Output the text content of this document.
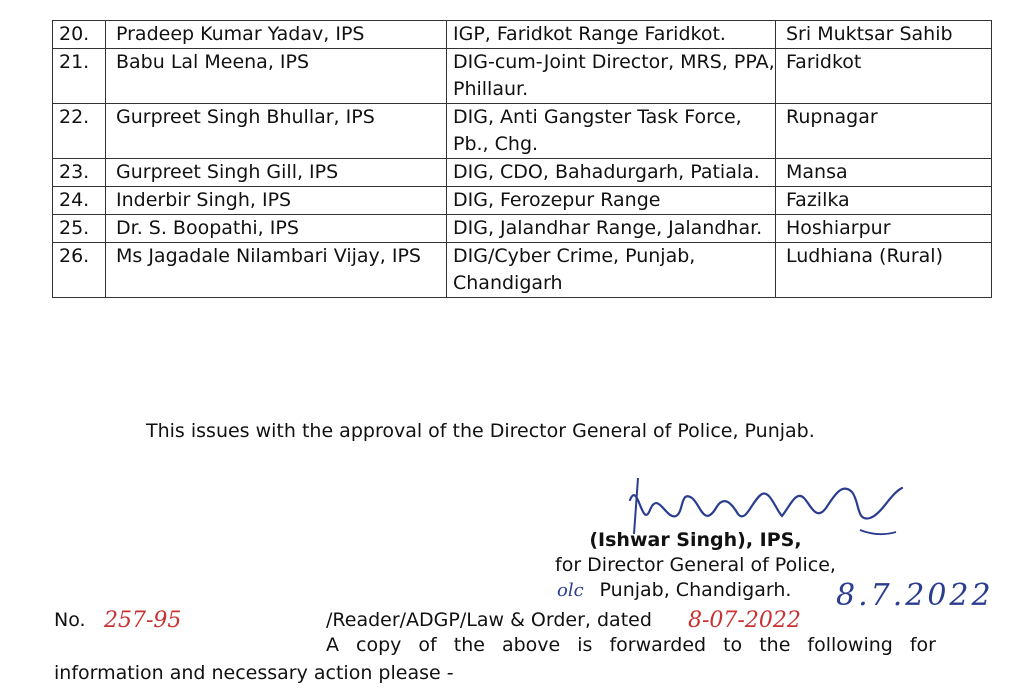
20.	Pradeep Kumar Yadav, IPS	IGP, Faridkot Range Faridkot.	Sri Muktsar Sahib
21.	Babu Lal Meena, IPS	DIG-cum-Joint Director, MRS, PPA, Phillaur.	Faridkot
22.	Gurpreet Singh Bhullar, IPS	DIG, Anti Gangster Task Force, Pb., Chg.	Rupnagar
23.	Gurpreet Singh Gill, IPS	DIG, CDO, Bahadurgarh, Patiala.	Mansa
24.	Inderbir Singh, IPS	DIG, Ferozepur Range	Fazilka
25.	Dr. S. Boopathi, IPS	DIG, Jalandhar Range, Jalandhar.	Hoshiarpur
26.	Ms Jagadale Nilambari Vijay, IPS	DIG/Cyber Crime, Punjab, Chandigarh	Ludhiana (Rural)
This issues with the approval of the Director General of Police, Punjab.
(Ishwar Singh), IPS,
for Director General of Police,
Punjab, Chandigarh.
olc	8.7.2022
No. 257-95	/Reader/ADGP/Law & Order, dated 8-07-2022
A copy of the above is forwarded to the following for
information and necessary action please -
